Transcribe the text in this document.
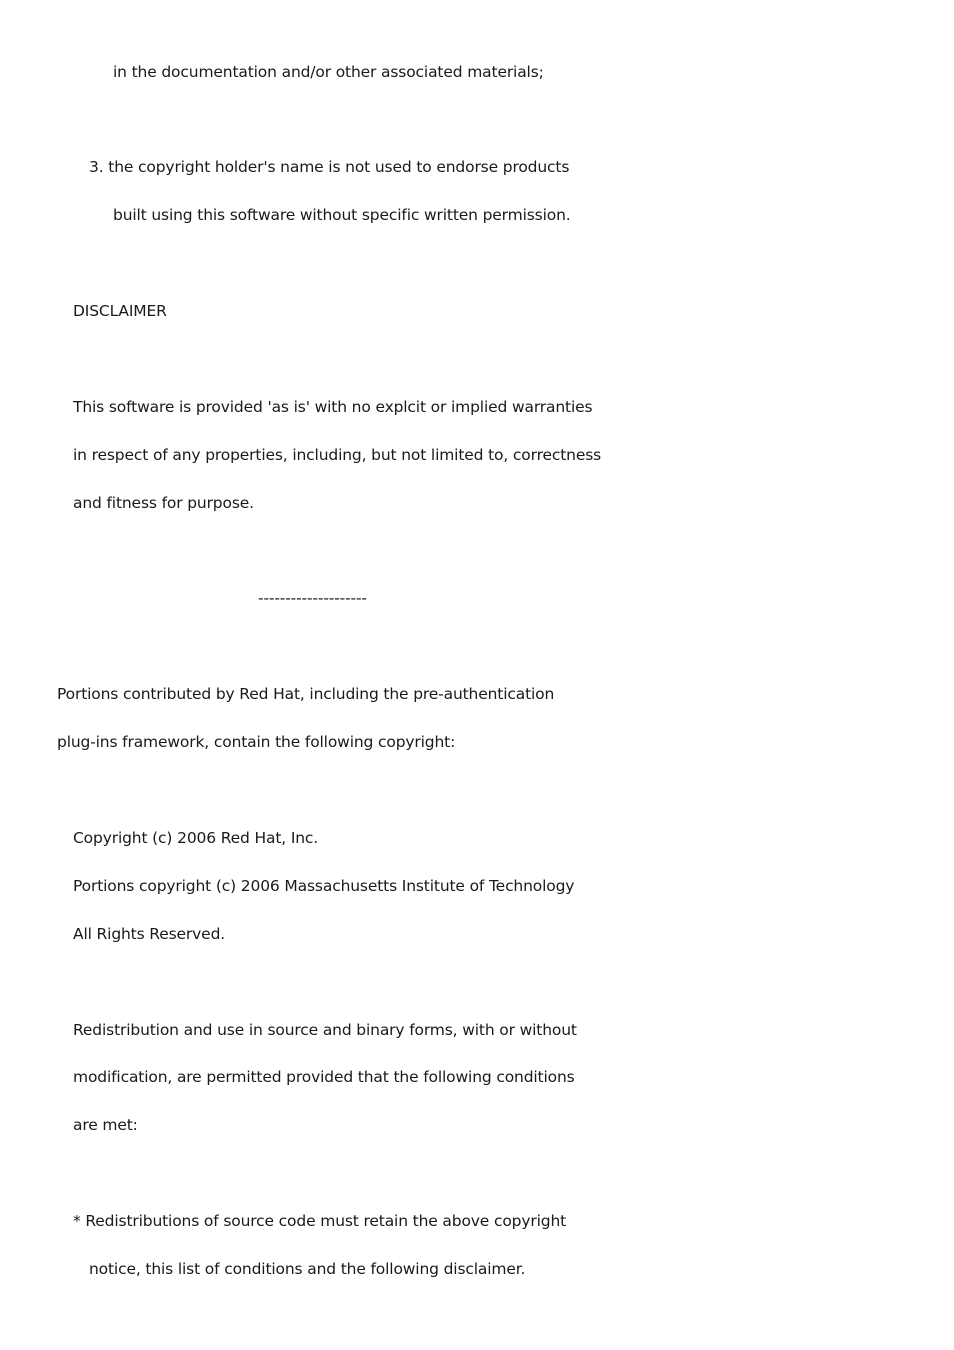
in the documentation and/or other associated materials;
3. the copyright holder's name is not used to endorse products
built using this software without specific written permission.
DISCLAIMER
This software is provided 'as is' with no explcit or implied warranties
in respect of any properties, including, but not limited to, correctness
and fitness for purpose.
--------------------
Portions contributed by Red Hat, including the pre-authentication
plug-ins framework, contain the following copyright:
Copyright (c) 2006 Red Hat, Inc.
Portions copyright (c) 2006 Massachusetts Institute of Technology
All Rights Reserved.
Redistribution and use in source and binary forms, with or without
modification, are permitted provided that the following conditions
are met:
* Redistributions of source code must retain the above copyright
notice, this list of conditions and the following disclaimer.
